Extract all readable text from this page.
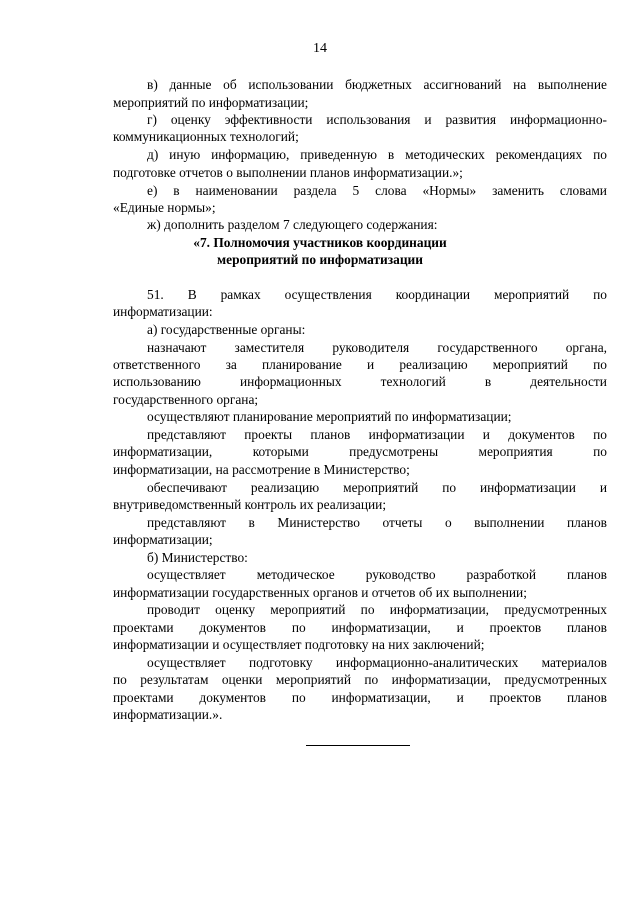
14
в) данные об использовании бюджетных ассигнований на выполнение
мероприятий по информатизации;
г) оценку эффективности использования и развития информационно-
коммуникационных технологий;
д) иную информацию, приведенную в методических рекомендациях по
подготовке отчетов о выполнении планов информатизации.»;
е) в наименовании раздела 5 слова «Нормы» заменить словами
«Единые нормы»;
ж) дополнить разделом 7 следующего содержания:
«7. Полномочия участников координации
мероприятий по информатизации
51. В рамках осуществления координации мероприятий по
информатизации:
а) государственные органы:
назначают заместителя руководителя государственного органа,
ответственного за планирование и реализацию мероприятий по
использованию	информационных	технологий	в	деятельности
государственного органа;
осуществляют планирование мероприятий по информатизации;
представляют проекты планов информатизации и документов по
информатизации,	которыми	предусмотрены	мероприятия	по
информатизации, на рассмотрение в Министерство;
обеспечивают реализацию мероприятий по информатизации и
внутриведомственный контроль их реализации;
представляют в Министерство отчеты о выполнении планов
информатизации;
б) Министерство:
осуществляет методическое руководство разработкой планов
информатизации государственных органов и отчетов об их выполнении;
проводит оценку мероприятий по информатизации, предусмотренных
проектами документов по информатизации, и проектов планов
информатизации и осуществляет подготовку на них заключений;
осуществляет подготовку информационно-аналитических материалов
по результатам оценки мероприятий по информатизации, предусмотренных
проектами документов по информатизации, и проектов планов
информатизации.».
